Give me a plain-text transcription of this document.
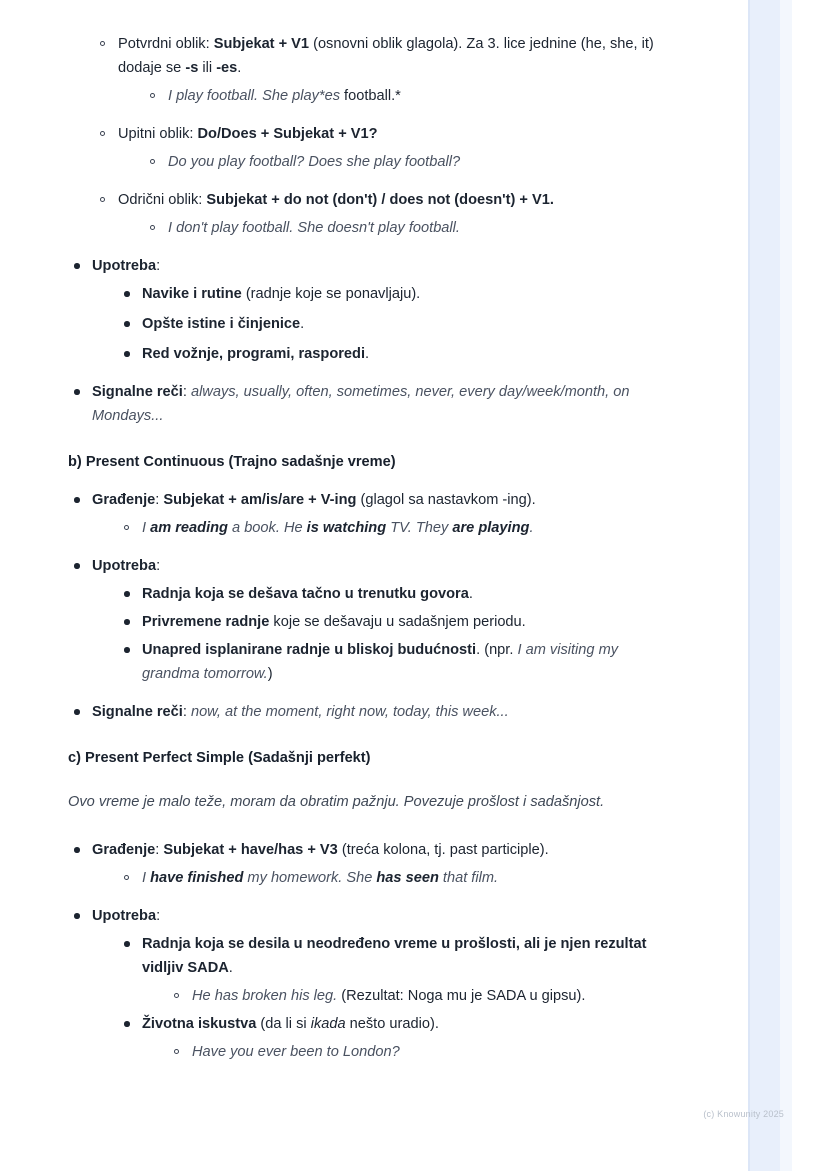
Potvrdni oblik: Subjekat + V1 (osnovni oblik glagola). Za 3. lice jednine (he, she, it) dodaje se -s ili -es.
I play football. She play*es football.*
Upitni oblik: Do/Does + Subjekat + V1?
Do you play football? Does she play football?
Odrični oblik: Subjekat + do not (don't) / does not (doesn't) + V1.
I don't play football. She doesn't play football.
Upotreba:
Navike i rutine (radnje koje se ponavljaju).
Opšte istine i činjenice.
Red vožnje, programi, rasporedi.
Signalne reči: always, usually, often, sometimes, never, every day/week/month, on Mondays...
b) Present Continuous (Trajno sadašnje vreme)
Građenje: Subjekat + am/is/are + V-ing (glagol sa nastavkom -ing).
I am reading a book. He is watching TV. They are playing.
Upotreba:
Radnja koja se dešava tačno u trenutku govora.
Privremene radnje koje se dešavaju u sadašnjem periodu.
Unapred isplanirane radnje u bliskoj budućnosti. (npr. I am visiting my grandma tomorrow.)
Signalne reči: now, at the moment, right now, today, this week...
c) Present Perfect Simple (Sadašnji perfekt)
Ovo vreme je malo teže, moram da obratim pažnju. Povezuje prošlost i sadašnjost.
Građenje: Subjekat + have/has + V3 (treća kolona, tj. past participle).
I have finished my homework. She has seen that film.
Upotreba:
Radnja koja se desila u neodređeno vreme u prošlosti, ali je njen rezultat vidljiv SADA.
He has broken his leg. (Rezultat: Noga mu je SADA u gipsu).
Životna iskustva (da li si ikada nešto uradio).
Have you ever been to London?
(c) Knowunity 2025
